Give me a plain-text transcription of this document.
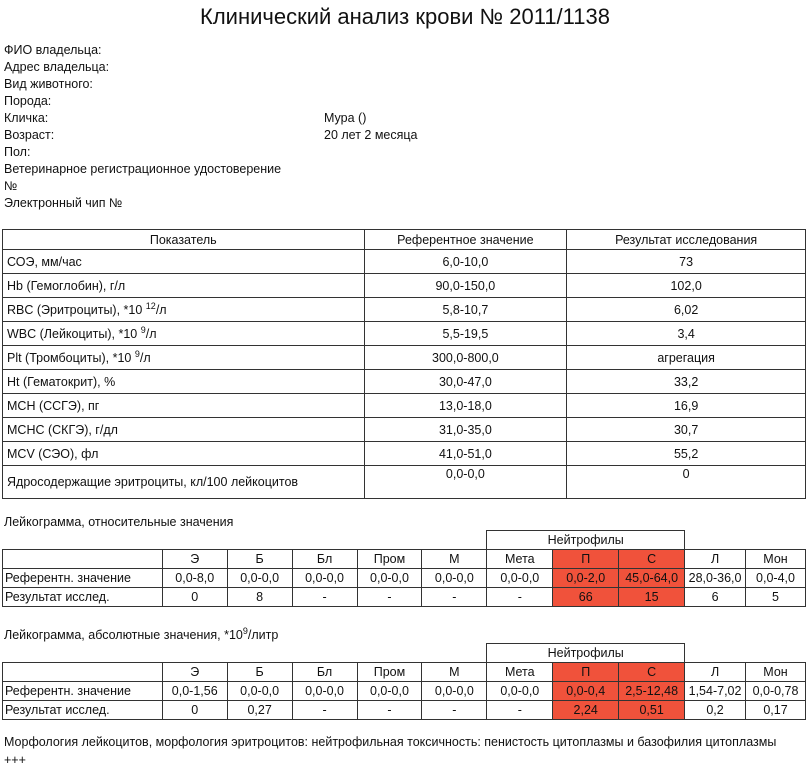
Клинический анализ крови № 2011/1138
ФИО владельца:
Адрес владельца:
Вид животного:
Порода:
Кличка:	Мура ()
Возраст:	20 лет 2 месяца
Пол:
Ветеринарное регистрационное удостоверение
№
Электронный чип №
Показатель	Референтное значение	Результат исследования
СОЭ, мм/час	6,0-10,0	73
Hb (Гемоглобин), г/л	90,0-150,0	102,0
RBC (Эритроциты), *10 $^{12}$/л	5,8-10,7	6,02
WBC (Лейкоциты), *10 $^9$/л	5,5-19,5	3,4
Plt (Тромбоциты), *10 $^9$/л	300,0-800,0	агрегация
Ht (Гематокрит), %	30,0-47,0	33,2
MCH (ССГЭ), пг	13,0-18,0	16,9
MCHC (СКГЭ), г/дл	31,0-35,0	30,7
MCV (СЭО), фл	41,0-51,0	55,2
Ядросодержащие эритроциты, кл/100 лейкоцитов	0,0-0,0	0
Лейкограмма, относительные значения
						Нейтрофилы				
	Э	Б	Бл	Пром	М	Мета	П	С	Л	Мон
Референтн. значение	0,0-8,0	0,0-0,0	0,0-0,0	0,0-0,0	0,0-0,0	0,0-0,0	0,0-2,0	45,0-64,0	28,0-36,0	0,0-4,0
Результат исслед.	0	8	-	-	-	-	66	15	6	5
Лейкограмма, абсолютные значения, $*10^9$/литр
						Нейтрофилы				
	Э	Б	Бл	Пром	М	Мета	П	С	Л	Мон
Референтн. значение	0,0-1,56	0,0-0,0	0,0-0,0	0,0-0,0	0,0-0,0	0,0-0,0	0,0-0,4	2,5-12,48	1,54-7,02	0,0-0,78
Результат исслед.	0	0,27	-	-	-	-	2,24	0,51	0,2	0,17
Морфология лейкоцитов, морфология эритроцитов: нейтрофильная токсичность: пенистость цитоплазмы и базофилия цитоплазмы +++
